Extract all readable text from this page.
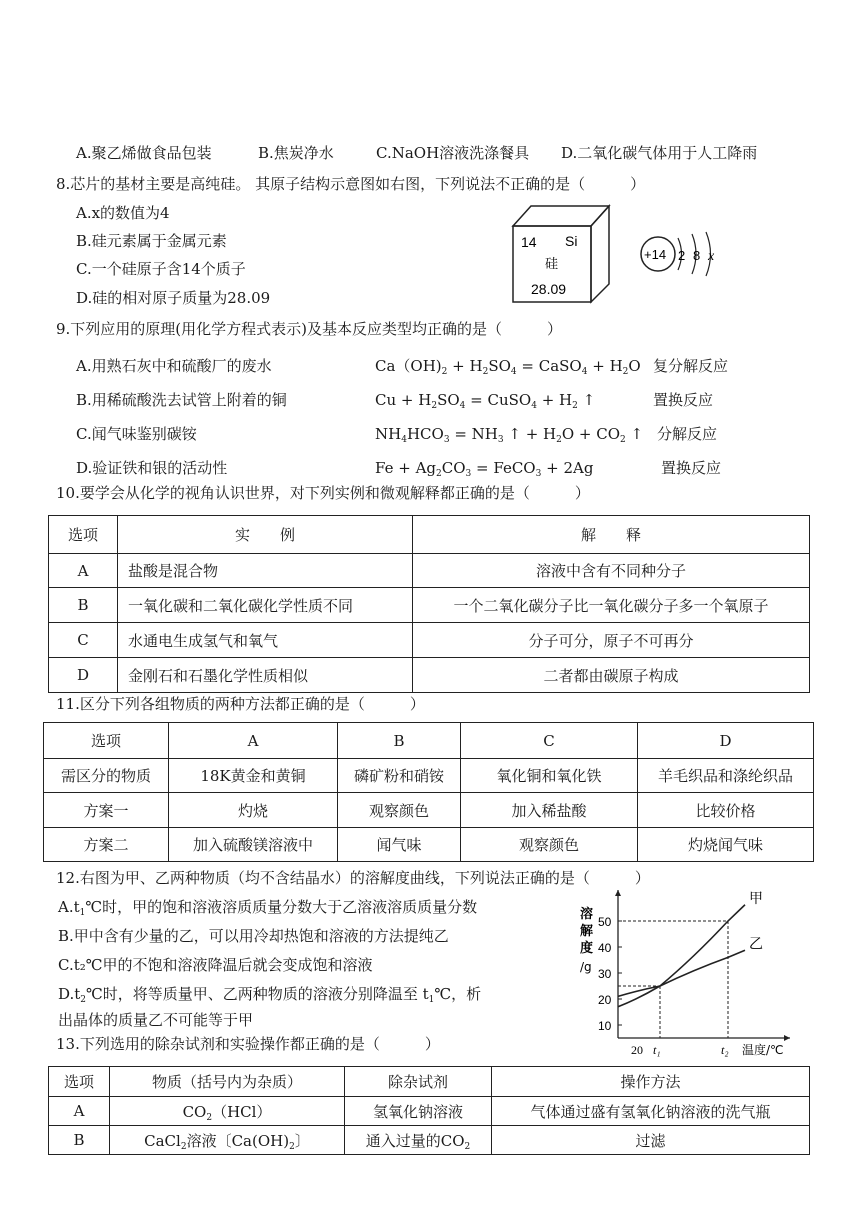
A.聚乙烯做食品包装	B.焦炭净水	C.NaOH溶液洗涤餐具 D.二氧化碳气体用于人工降雨
8.芯片的基材主要是高纯硅。 其原子结构示意图如右图，下列说法不正确的是（　　　）
A.x的数值为4
B.硅元素属于金属元素
C.一个硅原子含14个质子
D.硅的相对原子质量为28.09
14 Si
硅
28.09
+14 2 8 x
9.下列应用的原理(用化学方程式表示)及基本反应类型均正确的是（　　　）
A.用熟石灰中和硫酸厂的废水	$Ca(OH)_2 + H_2SO_4$ = CaSO$_4$ + $H_2O$ 复分解反应
B.用稀硫酸洗去试管上附着的铜	$Cu + H_2SO_4$ = CuSO$_4$ + $H_2$ ↑	置换反应
C.闻气味鉴别碳铵	$NH_4HCO_3 = NH_3$ ↑ + $H_2O + CO_2$ ↑ 分解反应
D.验证铁和银的活动性	$Fe + Ag_2CO_3$ = FeCO$_3$ + 2Ag	置换反应
10.要学会从化学的视角认识世界，对下列实例和微观解释都正确的是（　　　）
选项	实　　例	解　　释
A	盐酸是混合物	溶液中含有不同种分子
B	一氧化碳和二氧化碳化学性质不同	一个二氧化碳分子比一氧化碳分子多一个氧原子
C	水通电生成氢气和氧气	分子可分，原子不可再分
D	金刚石和石墨化学性质相似	二者都由碳原子构成
11.区分下列各组物质的两种方法都正确的是（　　　）
选项	A	B	C	D
需区分的物质	18K黄金和黄铜	磷矿粉和硝铵	氧化铜和氧化铁	羊毛织品和涤纶织品
方案一	灼烧	观察颜色	加入稀盐酸	比较价格
方案二	加入硫酸镁溶液中	闻气味	观察颜色	灼烧闻气味
12.右图为甲、乙两种物质（均不含结晶水）的溶解度曲线，下列说法正确的是（　　　）
$A.t_1℃$时，甲的饱和溶液溶质质量分数大于乙溶液溶质质量分数
B.甲中含有少量的乙，可以用冷却热饱和溶液的方法提纯乙
C.t₂℃甲的不饱和溶液降温后就会变成饱和溶液
$D.t_2℃$时，将等质量甲、乙两种物质的溶液分别降温至 $t_1℃$，析
出晶体的质量乙不可能等于甲
溶
解
度
/g
10
20
30
40
50
20 t₁	t₂ 温度/℃
甲
乙
13.下列选用的除杂试剂和实验操作都正确的是（　　　）
选项	物质（括号内为杂质）	除杂试剂	操作方法
A	$CO_2(HCl)$	氢氧化钠溶液	气体通过盛有氢氧化钠溶液的洗气瓶
B	CaCl$_2$溶液〔$Ca(OH)_2$〕	通入过量的$CO_2$	过滤
